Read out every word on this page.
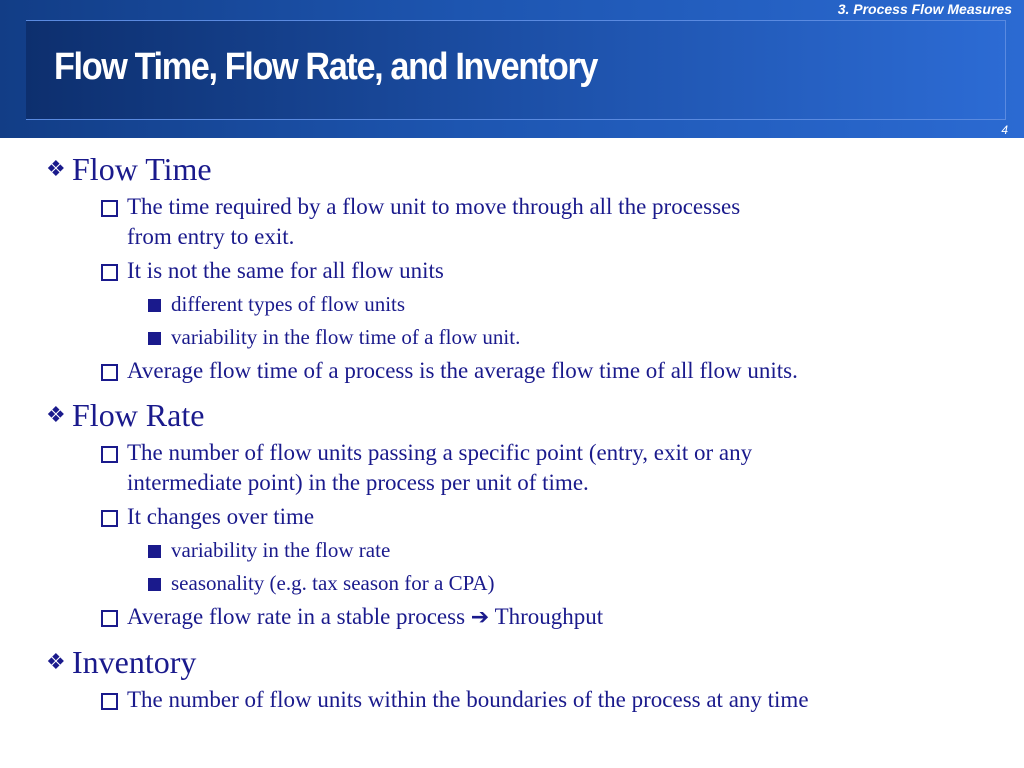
3. Process Flow Measures
Flow Time, Flow Rate, and Inventory
4
❖ Flow Time
The time required by a flow unit to move through all the processes
from entry to exit.
It is not the same for all flow units
different types of flow units
variability in the flow time of a flow unit.
Average flow time of a process is the average flow time of all flow units.
❖ Flow Rate
The number of flow units passing a specific point (entry, exit or any
intermediate point) in the process per unit of time.
It changes over time
variability in the flow rate
seasonality (e.g. tax season for a CPA)
Average flow rate in a stable process ➔ Throughput
❖ Inventory
The number of flow units within the boundaries of the process at any time
